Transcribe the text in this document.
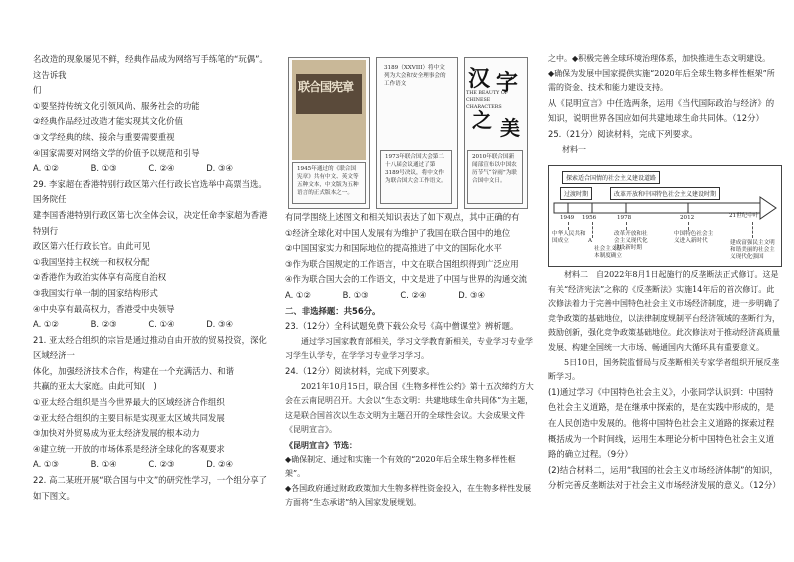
名改造的现象屡见不鲜，经典作品成为网络写手练笔的“玩偶”。这告诉我

们

①要坚持传统文化引领风尚、服务社会的功能

②经典作品经过改造才能实现其文化价值

③文学经典的续、接余与重要需要重视

④国家需要对网络文学的价值予以规范和引导

A. ①②	B. ①③	C. ②④	D. ③④

29. 李家超在香港特别行政区第六任行政长官选举中高票当选。国务院任

建李国香港特别行政区第七次全体会议，决定任命李家超为香港特别行

政区第六任行政长官。由此可见

①我国坚持主权统一和权权分配

②香港作为政治实体享有高度自治权

③我国实行单一制的国家结构形式

④中央享有最高权力，香港受中央领导

A. ①②	B. ②③	C. ①④	D. ③④

21. 亚太经合组织的宗旨是通过推动自由开放的贸易投资，深化区域经济一

体化，加强经济技术合作，构建在一个充满活力、和谐

共赢的亚太大家庭。由此可知(　)

①亚太经合组织是当今世界最大的区域经济合作组织

②亚太经合组织的主要目标是实现亚太区域共同发展

③加快对外贸易成为亚太经济发展的根本动力

④建立统一开放的市场体系是经济全球化的客观要求

A. ①③	B. ①④	C. ②③	D. ②④

22. 高二某班开展“联合国与中文”的研究性学习，一个组分享了如下图文。

联合国宪章
1945年通过的《联合国宪章》共有中文、英文等五种文本，中文版为五种语言的正式版本之一。
3189（XXVIII）将中文列为大会和安全理事会的工作语文
1973年联合国大会第二十八届会议通过了第3189号决议，将中文作为联合国大会工作语文。
汉 字
THE BEAUTY OF CHINESE CHARACTERS
之 美
2010年联合国新闻部宣布以中国农历节气“谷雨”为联合国中文日。

有同学围绕上述图文和相关知识表达了如下观点，其中正确的有

①经济全球化对中国人发展有为维护了我国在联合国中的地位

②中国国家实力和国际地位的提高推进了中文的国际化水平

③作为联合国规定的工作语言，中文在联合国组织得到广泛应用

④作为联合国大会的工作语文，中文是进了中国与世界的沟通交流

A. ①②	B. ①③	C. ②④	D. ③④

二、非选择题：共56分。

23.（12分）全科试题免费下载公众号《高中僧课堂》辨析题。

通过学习国家教育部相关，学习文学教育新相关，专业学习专业学习学生认学专，在学学习专业学习学习。

24.（12分）阅读材料，完成下列要求。

2021年10月15日，联合国《生物多样性公约》第十五次缔约方大会在云南昆明召开。大会以“生态文明：共建地球生命共同体”为主题，这是联合国首次以生态文明为主题召开的全球性会议。大会成果文件《昆明宣言》。

《昆明宣言》节选：

◆确保制定、通过和实施一个有效的“2020年后全球生物多样性框架”。

◆各国政府通过财政政策加大生物多样性资金投入，在生物多样性发展方面将“生态承诺”纳入国家发展规划。

之中。◆积极完善全球环境治理体系，加快推进生态文明建设。

◆确保为发展中国家提供实施“2020年后全球生物多样性框架”所需的资金、技术和能力建设支持。

从《昆明宣言》中任选两条，运用《当代国际政治与经济》的知识，说明世界各国应如何共建地球生命共同体。（12分）

25.（21分）阅读材料，完成下列要求。

材料一

探索适合国情的社会主义建设道路
过渡时期	改革开放和中国特色社会主义建设时期
1949 1956	1978	2012	21世纪中叶
中华人民共和国成立	A
社会主义基本制度确立
改革开放和社会主义现代化建设新时期
中国特色社会主义进入新时代	建成富强民主文明和谐美丽的社会主义现代化强国

材料二　自2022年8月1日起施行的反垄断法正式修订。这是有关“经济宪法”之称的《反垄断法》实施14年后的首次修订。此次修法着力于完善中国特色社会主义市场经济制度，进一步明确了竞争政策的基础地位，以法律制度规制平台经济领域的垄断行为，鼓励创新，强化竞争政策基础地位。此次修法对于推动经济高质量发展、构建全国统一大市场、畅通国内大循环具有重要意义。

5日10日，国务院监督局与反垄断相关专家学者组织开展反垄断学习。

(1)通过学习《中国特色社会主义》，小张同学认识到：中国特色社会主义道路，是在继承中探索的，是在实践中形成的，是在人民创造中发展的。他将中国特色社会主义道路的探索过程概括成为一个时间线，运用生本理论分析中国特色社会主义道路的确立过程。（9分）

(2)结合材料二，运用“我国的社会主义市场经济体制”的知识，分析完善反垄断法对于社会主义市场经济发展的意义。（12分）
